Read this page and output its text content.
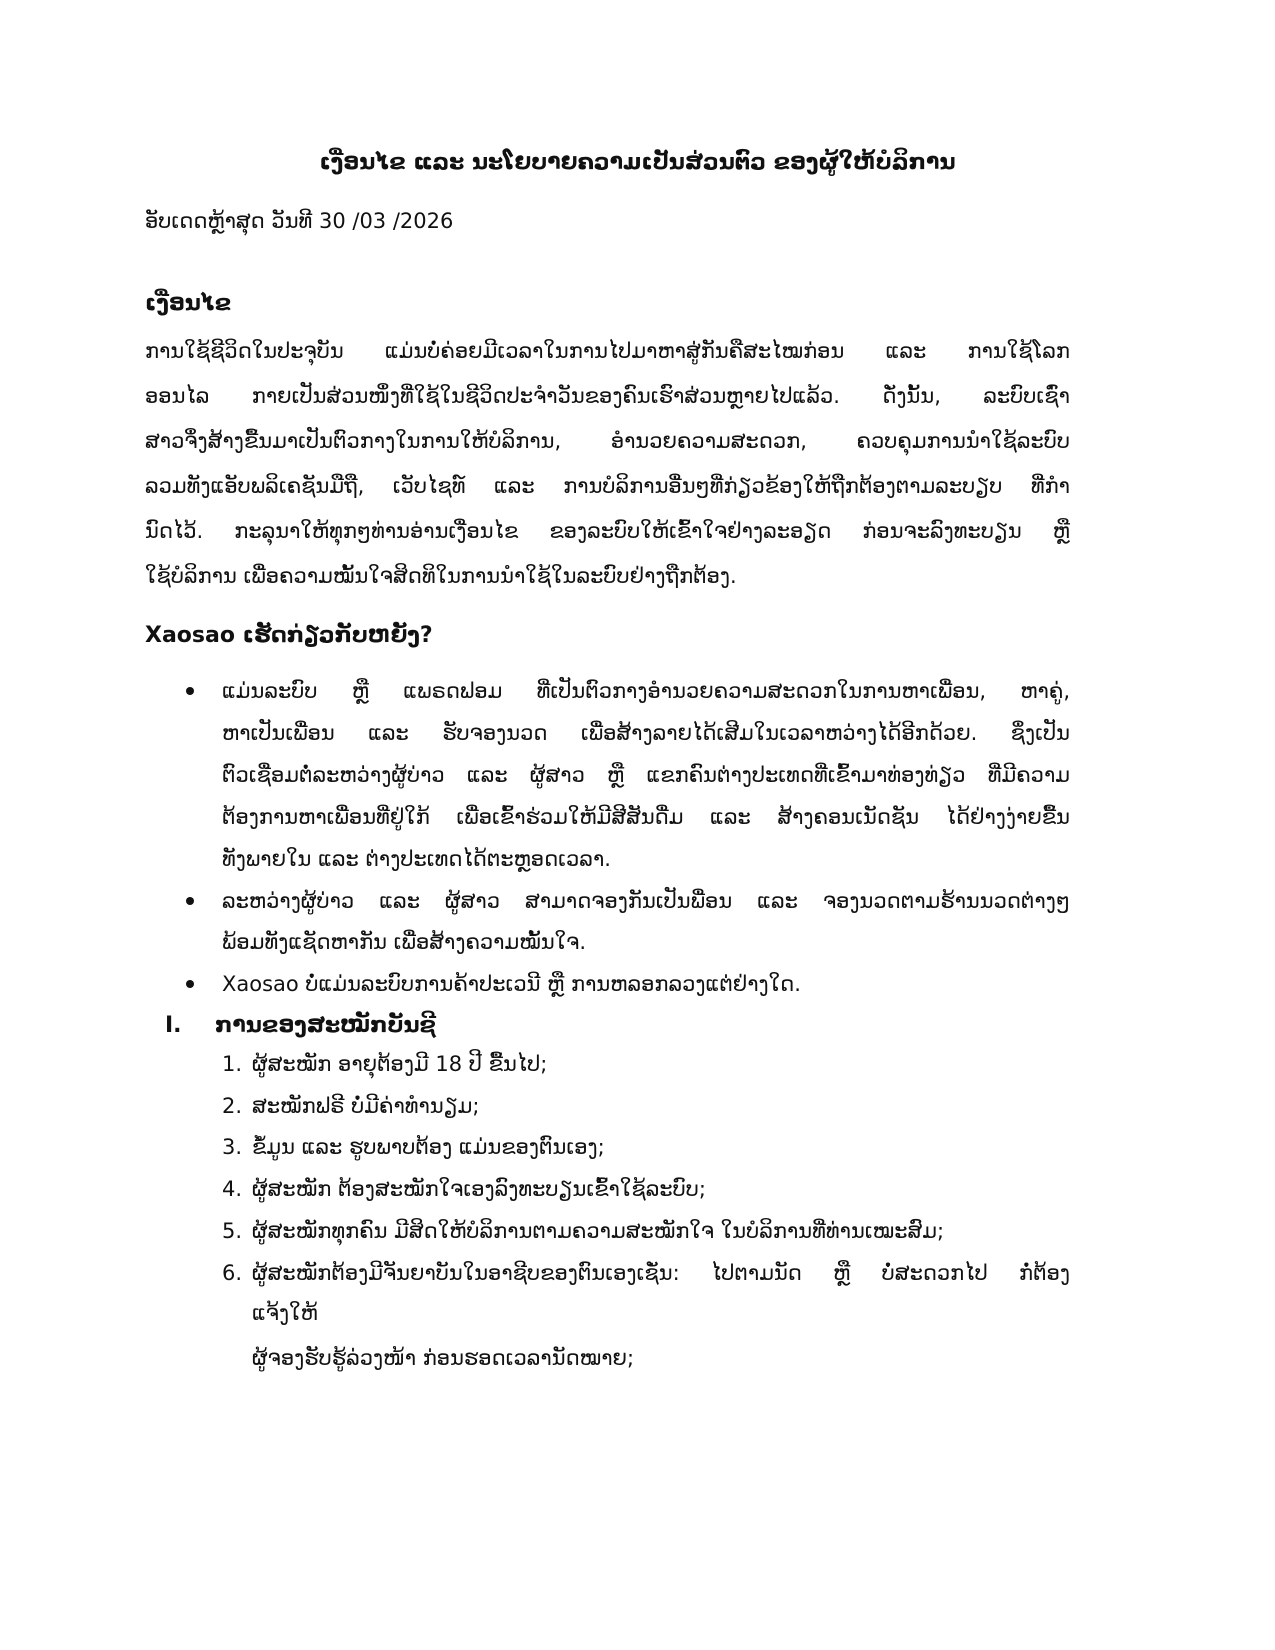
ເງື່ອນໄຂ ແລະ ນະໂຍບາຍຄວາມເປັນສ່ວນຕົວ ຂອງຜູ້ໃຫ້ບໍລິການ
ອັບເດດຫຼ້າສຸດ ວັນທີ 30 /03 /2026
ເງື່ອນໄຂ
ການໃຊ້ຊີວິດໃນປະຈຸບັນ ແມ່ນບໍ່ຄ່ອຍມີເວລາໃນການໄປມາຫາສູ່ກັນຄືສະໄໝກ່ອນ ແລະ ການໃຊ້ໂລກ
ອອນໄລ ກາຍເປັນສ່ວນໜຶ່ງທີ່ໃຊ້ໃນຊີວິດປະຈຳວັນຂອງຄົນເຮົາສ່ວນຫຼາຍໄປແລ້ວ. ດັ່ງນັ້ນ, ລະບົບເຊົ່າ
ສາວຈຶ່ງສ້າງຂື້ນມາເປັນຕົວກາງໃນການໃຫ້ບໍລິການ, ອຳນວຍຄວາມສະດວກ, ຄວບຄຸມການນຳໃຊ້ລະບົບ
ລວມທັງແອັບພລິເຄຊັນມືຖື, ເວັບໄຊທ໌ ແລະ ການບໍລິການອື່ນໆທີ່ກ່ຽວຂ້ອງໃຫ້ຖືກຕ້ອງຕາມລະບຽບ ທີ່ກຳ
ນົດໄວ້. ກະລຸນາໃຫ້ທຸກໆທ່ານອ່ານເງື່ອນໄຂ ຂອງລະບົບໃຫ້ເຂົ້າໃຈຢ່າງລະອຽດ ກ່ອນຈະລົງທະບຽນ ຫຼື
ໃຊ້ບໍລິການ ເພື່ອຄວາມໝັ້ນໃຈສິດທິໃນການນຳໃຊ້ໃນລະບົບຢ່າງຖືກຕ້ອງ.
Xaosao ເຮັດກ່ຽວກັບຫຍັງ?
ແມ່ນລະບົບ ຫຼື ແພຣດຟອມ ທີ່ເປັນຕົວກາງອຳນວຍຄວາມສະດວກໃນການຫາເພື່ອນ, ຫາຄູ່,
ຫາເປັນເພື່ອນ ແລະ ຮັບຈອງນວດ ເພື່ອສ້າງລາຍໄດ້ເສີມໃນເວລາຫວ່າງໄດ້ອີກດ້ວຍ. ຊຶ່ງເປັນ
ຕົວເຊື່ອມຕໍ່ລະຫວ່າງຜູ້ບ່າວ ແລະ ຜູ້ສາວ ຫຼື ແຂກຄົນຕ່າງປະເທດທີ່ເຂົ້າມາທ່ອງທ່ຽວ ທີ່ມີຄວາມ
ຕ້ອງການຫາເພື່ອນທີ່ຢູ່ໃກ້ ເພື່ອເຂົ້າຮ່ວມໃຫ້ມີສີສັນດື່ມ ແລະ ສ້າງຄອນເນັດຊັນ ໄດ້ຢ່າງງ່າຍຂື້ນ
ທັງພາຍໃນ ແລະ ຕ່າງປະເທດໄດ້ຕະຫຼອດເວລາ.
ລະຫວ່າງຜູ້ບ່າວ ແລະ ຜູ້ສາວ ສາມາດຈອງກັນເປັນພື່ອນ ແລະ ຈອງນວດຕາມຮ້ານນວດຕ່າງໆ
ພ້ອມທັງແຊັດຫາກັນ ເພື່ອສ້າງຄວາມໝັ້ນໃຈ.
Xaosao ບໍ່ແມ່ນລະບົບການຄ້າປະເວນີ ຫຼື ການຫລອກລວງແຕ່ຢ່າງໃດ.
I. ການຂອງສະໝັກບັນຊີ
1. ຜູ້ສະໝັກ ອາຍຸຕ້ອງມີ 18 ປີ ຂື້ນໄປ;
2. ສະໝັກຟຣີ ບໍ່ມີຄ່າທຳນຽມ;
3. ຂໍ້ມູນ ແລະ ຮູບພາບຕ້ອງ ແມ່ນຂອງຕົນເອງ;
4. ຜູ້ສະໝັກ ຕ້ອງສະໝັກໃຈເອງລົງທະບຽນເຂົ້າໃຊ້ລະບົບ;
5. ຜູ້ສະໝັກທຸກຄົນ ມີສິດໃຫ້ບໍລິການຕາມຄວາມສະໝັກໃຈ ໃນບໍລິການທີ່ທ່ານເໝະສົມ;
6. ຜູ້ສະໝັກຕ້ອງມີຈັນຍາບັນໃນອາຊີບຂອງຕົນເອງເຊັ່ນ: ໄປຕາມນັດ ຫຼື ບໍ່ສະດວກໄປ ກໍ່ຕ້ອງ
ແຈ້ງໃຫ້
ຜູ້ຈອງຮັບຮູ້ລ່ວງໜ້າ ກ່ອນຮອດເວລານັດໝາຍ;
